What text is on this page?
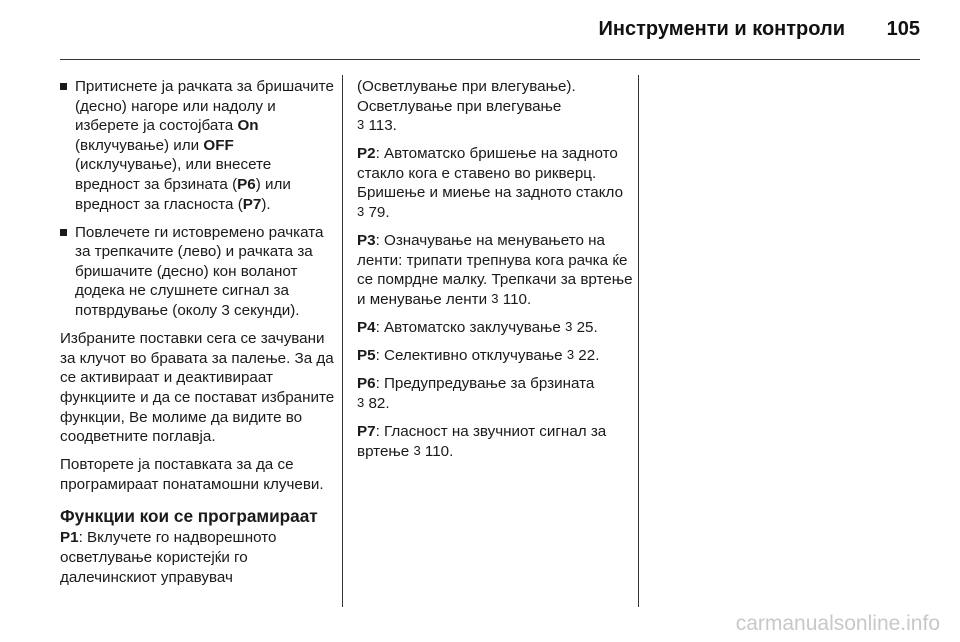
Инструменти и контроли	105
Притиснете ја рачката за бришачите (десно) нагоре или надолу и изберете ја состојбата On (вклучување) или OFF (исклучување), или внесете вредност за брзината (P6) или вредност за гласноста (P7).
Повлечете ги истовремено рачката за трепкачите (лево) и рачката за бришачите (десно) кон воланот додека не слушнете сигнал за потврдување (околу 3 секунди).

Избраните поставки сега се зачувани за клучот во бравата за палење. За да се активираат и деактивираат функциите и да се постават избраните функции, Ве молиме да видите во соодветните поглавја.

Повторете ја поставката за да се програмираат понатамошни клучеви.

Функции кои се програмираат

P1: Вклучете го надворешното осветлување користејќи го далечинскиот управувач

(Осветлување при влегување). Осветлување при влегување
3 113.

P2: Автоматско бришење на задното стакло кога е ставено во рикверц. Бришење и миење на задното стакло 3 79.

P3: Означување на менувањето на ленти: трипати трепнува кога рачка ќе се помрдне малку. Трепкачи за вртење и менување ленти 3 110.

P4: Автоматско заклучување 3 25.

P5: Селективно отклучување 3 22.

P6: Предупредување за брзината
3 82.

P7: Гласност на звучниот сигнал за вртење 3 110.

carmanualsonline.info
